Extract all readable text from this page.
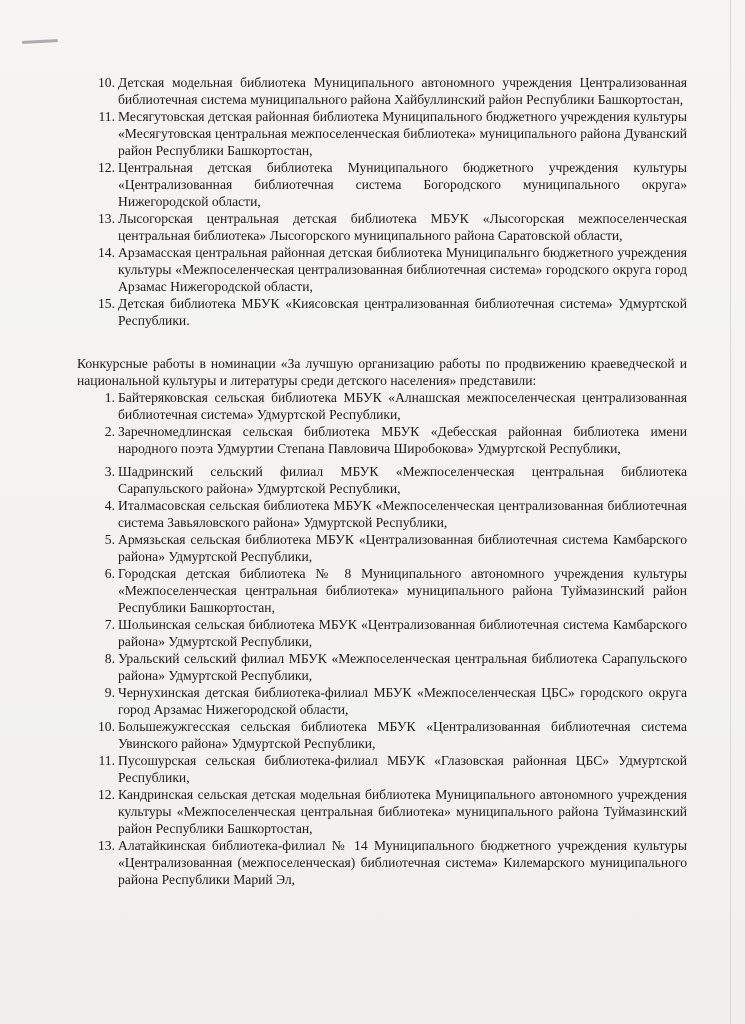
10. Детская модельная библиотека Муниципального автономного учреждения Централизованная библиотечная система муниципального района Хайбуллинский район Республики Башкортостан,
11. Месягутовская детская районная библиотека Муниципального бюджетного учреждения культуры «Месягутовская центральная межпоселенческая библиотека» муниципального района Дуванский район Республики Башкортостан,
12. Центральная детская библиотека Муниципального бюджетного учреждения культуры «Централизованная библиотечная система Богородского муниципального округа» Нижегородской области,
13. Лысогорская центральная детская библиотека МБУК «Лысогорская межпоселенческая центральная библиотека» Лысогорского муниципального района Саратовской области,
14. Арзамасская центральная районная детская библиотека Муниципальнго бюджетного учреждения культуры «Межпоселенческая централизованная библиотечная система» городского округа город Арзамас Нижегородской области,
15. Детская библиотека МБУК «Киясовская централизованная библиотечная система» Удмуртской Республики.

Конкурсные работы в номинации «За лучшую организацию работы по продвижению краеведческой и национальной культуры и литературы среди детского населения» представили:

1. Байтеряковская сельская библиотека МБУК «Алнашская межпоселенческая централизованная библиотечная система» Удмуртской Республики,
2. Заречномедлинская сельская библиотека МБУК «Дебесская районная библиотека имени народного поэта Удмуртии Степана Павловича Широбокова» Удмуртской Республики,
3. Шадринский сельский филиал МБУК «Межпоселенческая центральная библиотека Сарапульского района» Удмуртской Республики,
4. Италмасовская сельская библиотека МБУК «Межпоселенческая централизованная библиотечная система Завьяловского района» Удмуртской Республики,
5. Армязьская сельская библиотека МБУК «Централизованная библиотечная система Камбарского района» Удмуртской Республики,
6. Городская детская библиотека № 8 Муниципального автономного учреждения культуры «Межпоселенческая центральная библиотека» муниципального района Туймазинский район Республики Башкортостан,
7. Шольинская сельская библиотека МБУК «Централизованная библиотечная система Камбарского района» Удмуртской Республики,
8. Уральский сельский филиал МБУК «Межпоселенческая центральная библиотека Сарапульского района» Удмуртской Республики,
9. Чернухинская детская библиотека-филиал МБУК «Межпоселенческая ЦБС» городского округа город Арзамас Нижегородской области,
10. Большежужгесская сельская библиотека МБУК «Централизованная библиотечная система Увинского района» Удмуртской Республики,
11. Пусошурская сельская библиотека-филиал МБУК «Глазовская районная ЦБС» Удмуртской Республики,
12. Кандринская сельская детская модельная библиотека Муниципального автономного учреждения культуры «Межпоселенческая центральная библиотека» муниципального района Туймазинский район Республики Башкортостан,
13. Алатайкинская библиотека-филиал № 14 Муниципального бюджетного учреждения культуры «Централизованная (межпоселенческая) библиотечная система» Килемарского муниципального района Республики Марий Эл,
